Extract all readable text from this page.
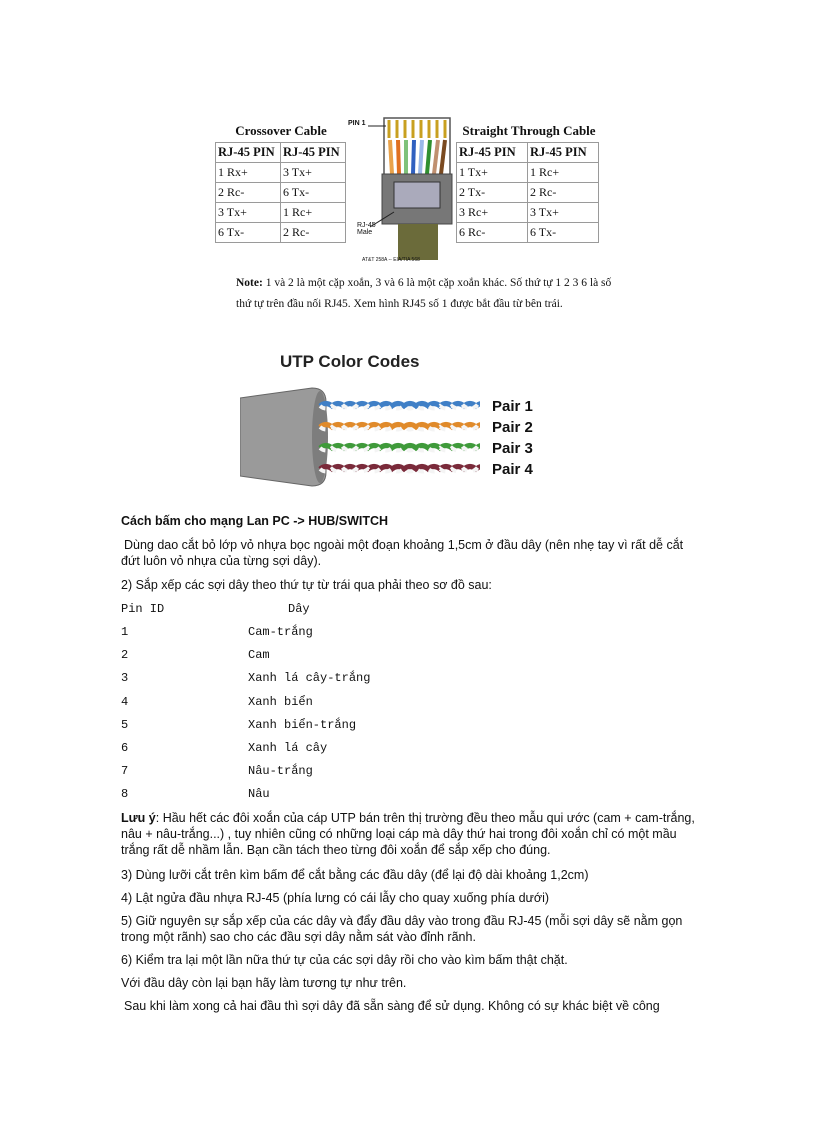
Crossover Cable
RJ-45 PIN	RJ-45 PIN
1 Rx+	3 Tx+
2 Rc-	6 Tx-
3 Tx+	1 Rc+
6 Tx-	2 Rc-
PIN 1
RJ-45
Male
AT&T 258A -- EIA/TIA 568
Straight Through Cable
RJ-45 PIN	RJ-45 PIN
1 Tx+	1 Rc+
2 Tx-	2 Rc-
3 Rc+	3 Tx+
6 Rc-	6 Tx-
Note: 1 và 2 là một cặp xoắn, 3 và 6 là một cặp xoắn khác. Số thứ tự 1 2 3 6 là số thứ tự trên đầu nối RJ45. Xem hình RJ45 số 1 được bắt đầu từ bên trái.
UTP Color Codes
Pair 1
Pair 2
Pair 3
Pair 4
Cách bấm cho mạng Lan PC -> HUB/SWITCH
Dùng dao cắt bỏ lớp vỏ nhựa bọc ngoài một đoạn khoảng 1,5cm ở đầu dây (nên nhẹ tay vì rất dễ cắt đứt luôn vỏ nhựa của từng sợi dây).
2) Sắp xếp các sợi dây theo thứ tự từ trái qua phải theo sơ đồ sau:
Pin ID	Dây
1	Cam-trắng
2	Cam
3	Xanh lá cây-trắng
4	Xanh biển
5	Xanh biển-trắng
6	Xanh lá cây
7	Nâu-trắng
8	Nâu
Lưu ý: Hầu hết các đôi xoắn của cáp UTP bán trên thị trường đều theo mẫu qui ước (cam + cam-trắng, nâu + nâu-trắng...) , tuy nhiên cũng có những loại cáp mà dây thứ hai trong đôi xoắn chỉ có một mầu trắng rất dễ nhầm lẫn. Bạn cần tách theo từng đôi xoắn để sắp xếp cho đúng.
3) Dùng lưỡi cắt trên kìm bấm để cắt bằng các đầu dây (để lại độ dài khoảng 1,2cm)
4) Lật ngửa đầu nhựa RJ-45 (phía lưng có cái lẫy cho quay xuống phía dưới)
5) Giữ nguyên sự sắp xếp của các dây và đẩy đầu dây vào trong đầu RJ-45 (mỗi sợi dây sẽ nằm gọn trong một rãnh) sao cho các đầu sợi dây nằm sát vào đỉnh rãnh.
6) Kiểm tra lại một lần nữa thứ tự của các sợi dây rồi cho vào kìm bấm thật chặt.
Với đầu dây còn lại bạn hãy làm tương tự như trên.
Sau khi làm xong cả hai đầu thì sợi dây đã sẵn sàng để sử dụng. Không có sự khác biệt về công
